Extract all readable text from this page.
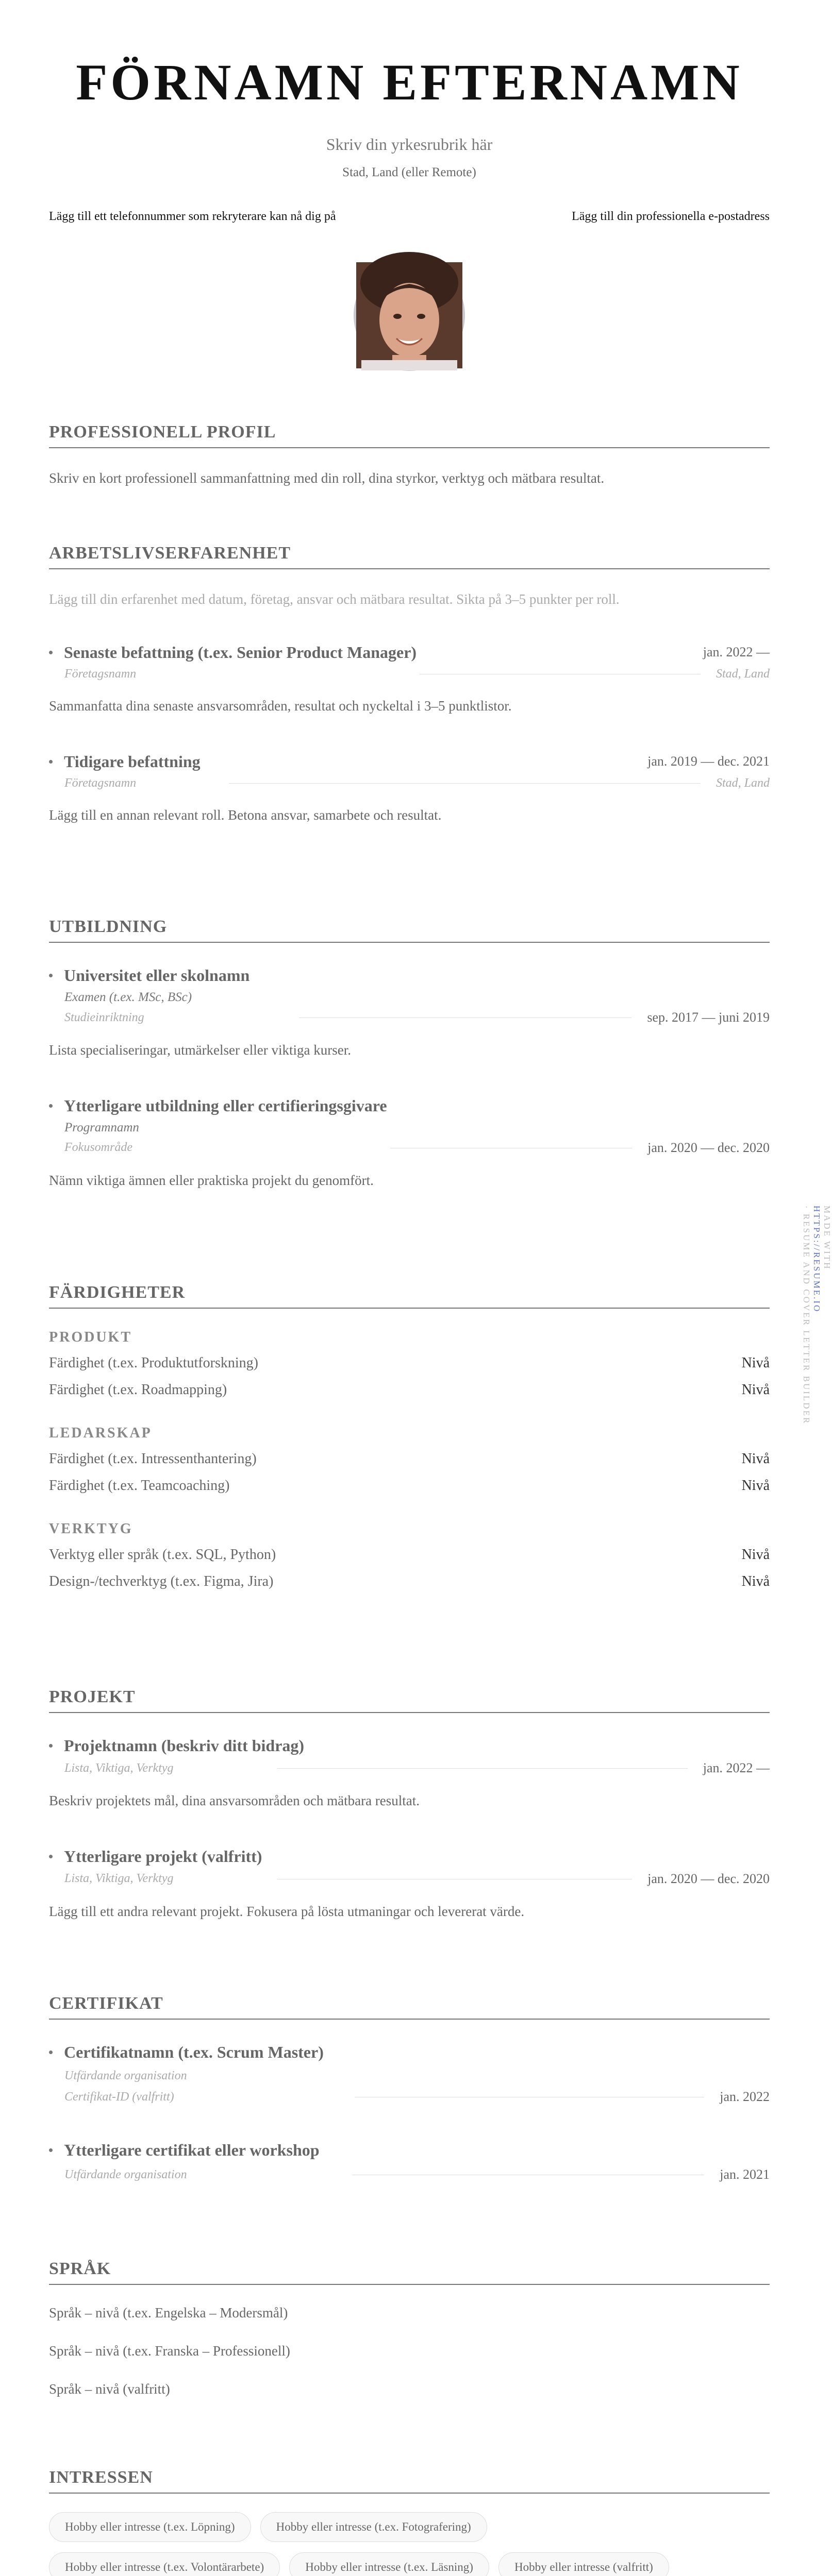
FÖRNAMN EFTERNAMN
Skriv din yrkesrubrik här
Stad, Land (eller Remote)
Lägg till ett telefonnummer som rekryterare kan nå dig på	Lägg till din professionella e-postadress
PROFESSIONELL PROFIL
Skriv en kort professionell sammanfattning med din roll, dina styrkor, verktyg och mätbara resultat.
ARBETSLIVSERFARENHET
Lägg till din erfarenhet med datum, företag, ansvar och mätbara resultat. Sikta på 3–5 punkter per roll.
Senaste befattning (t.ex. Senior Product Manager)	jan. 2022 —
Företagsnamn	Stad, Land
Sammanfatta dina senaste ansvarsområden, resultat och nyckeltal i 3–5 punktlistor.
Tidigare befattning	jan. 2019 — dec. 2021
Företagsnamn	Stad, Land
Lägg till en annan relevant roll. Betona ansvar, samarbete och resultat.
UTBILDNING
Universitet eller skolnamn
Examen (t.ex. MSc, BSc)
Studieinriktning	sep. 2017 — juni 2019
Lista specialiseringar, utmärkelser eller viktiga kurser.
Ytterligare utbildning eller certifieringsgivare
Programnamn
Fokusområde	jan. 2020 — dec. 2020
Nämn viktiga ämnen eller praktiska projekt du genomfört.
FÄRDIGHETER
PRODUKT
Färdighet (t.ex. Produktutforskning)	Nivå
Färdighet (t.ex. Roadmapping)	Nivå
LEDARSKAP
Färdighet (t.ex. Intressenthantering)	Nivå
Färdighet (t.ex. Teamcoaching)	Nivå
VERKTYG
Verktyg eller språk (t.ex. SQL, Python)	Nivå
Design-/techverktyg (t.ex. Figma, Jira)	Nivå
PROJEKT
Projektnamn (beskriv ditt bidrag)
Lista, Viktiga, Verktyg	jan. 2022 —
Beskriv projektets mål, dina ansvarsområden och mätbara resultat.
Ytterligare projekt (valfritt)
Lista, Viktiga, Verktyg	jan. 2020 — dec. 2020
Lägg till ett andra relevant projekt. Fokusera på lösta utmaningar och levererat värde.
CERTIFIKAT
Certifikatnamn (t.ex. Scrum Master)
Utfärdande organisation
Certifikat-ID (valfritt)	jan. 2022
Ytterligare certifikat eller workshop
Utfärdande organisation	jan. 2021
SPRÅK
Språk – nivå (t.ex. Engelska – Modersmål)
Språk – nivå (t.ex. Franska – Professionell)
Språk – nivå (valfritt)
INTRESSEN
Hobby eller intresse (t.ex. Löpning)	Hobby eller intresse (t.ex. Fotografering)
Hobby eller intresse (t.ex. Volontärarbete)	Hobby eller intresse (t.ex. Läsning)	Hobby eller intresse (valfritt)
MADE WITH
HTTPS://RESUME.IO
· RESUME AND COVER LETTER BUILDER
